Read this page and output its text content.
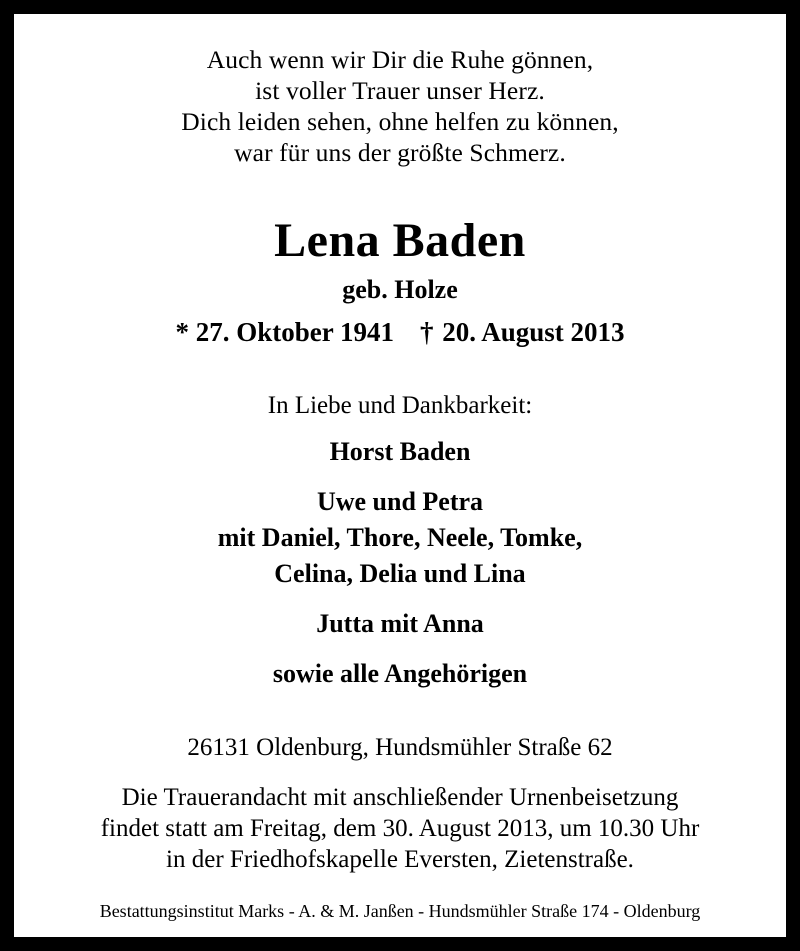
Auch wenn wir Dir die Ruhe gönnen,
ist voller Trauer unser Herz.
Dich leiden sehen, ohne helfen zu können,
war für uns der größte Schmerz.
Lena Baden
geb. Holze
* 27. Oktober 1941 † 20. August 2013
In Liebe und Dankbarkeit:
Horst Baden
Uwe und Petra
mit Daniel, Thore, Neele, Tomke,
Celina, Delia und Lina
Jutta mit Anna
sowie alle Angehörigen
26131 Oldenburg, Hundsmühler Straße 62
Die Trauerandacht mit anschließender Urnenbeisetzung
findet statt am Freitag, dem 30. August 2013, um 10.30 Uhr
in der Friedhofskapelle Eversten, Zietenstraße.
Bestattungsinstitut Marks - A. & M. Janßen - Hundsmühler Straße 174 - Oldenburg
